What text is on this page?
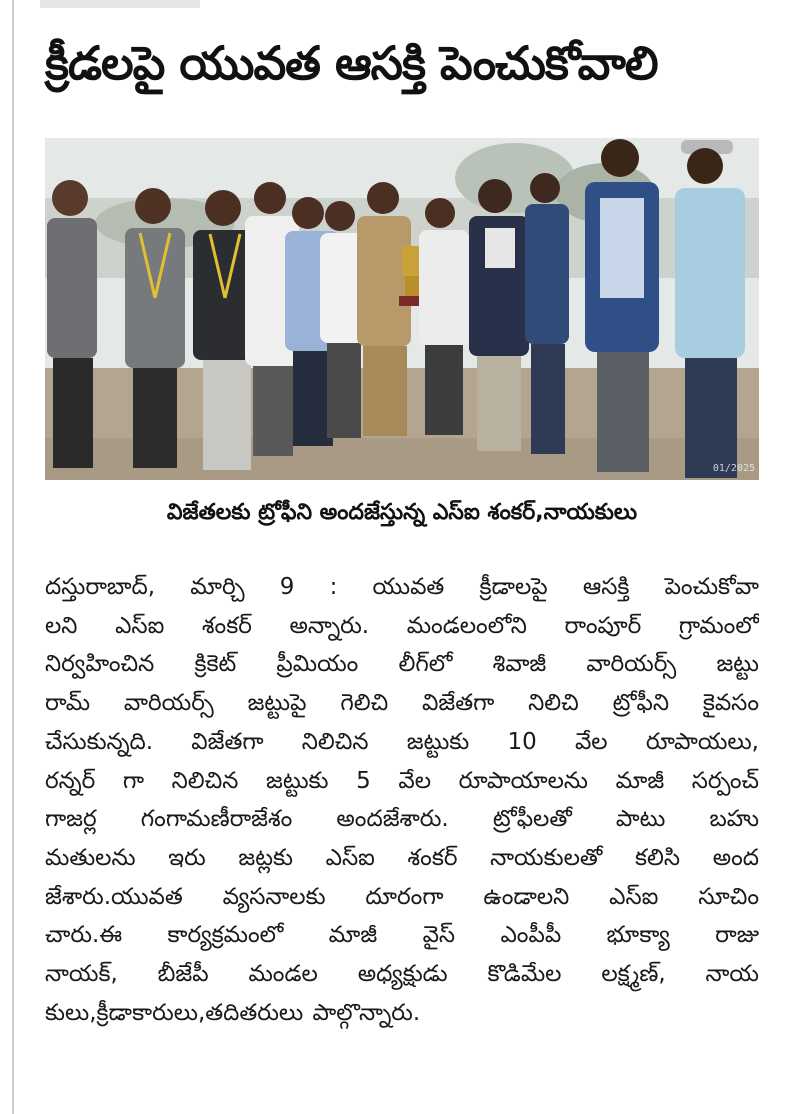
క్రీడలపై యువత ఆసక్తి పెంచుకోవాలి
01/2025
విజేతలకు ట్రోఫీని అందజేస్తున్న ఎస్ఐ శంకర్,నాయకులు

దస్తురాబాద్, మార్చి 9 : యువత క్రీడాలపై ఆసక్తి పెంచుకోవా
లని ఎస్ఐ శంకర్ అన్నారు. మండలంలోని రాంపూర్ గ్రామంలో
నిర్వహించిన క్రికెట్ ప్రీమియం లీగ్‌లో శివాజీ వారియర్స్ జట్టు
రామ్ వారియర్స్ జట్టుపై గెలిచి విజేతగా నిలిచి ట్రోఫీని కైవసం
చేసుకున్నది. విజేతగా నిలిచిన జట్టుకు 10 వేల రూపాయలు,
రన్నర్ గా నిలిచిన జట్టుకు 5 వేల రూపాయాలను మాజీ సర్పంచ్
గాజర్ల గంగామణీరాజేశం అందజేశారు. ట్రోఫీలతో పాటు బహు
మతులను ఇరు జట్లకు ఎస్ఐ శంకర్ నాయకులతో కలిసి అంద
జేశారు.యువత వ్యసనాలకు దూరంగా ఉండాలని ఎస్ఐ సూచిం
చారు.ఈ కార్యక్రమంలో మాజీ వైస్ ఎంపీపీ భూక్యా రాజు
నాయక్, బీజేపీ మండల అధ్యక్షుడు కొడిమేల లక్ష్మణ్, నాయ
కులు,క్రీడాకారులు,తదితరులు పాల్గొన్నారు.
